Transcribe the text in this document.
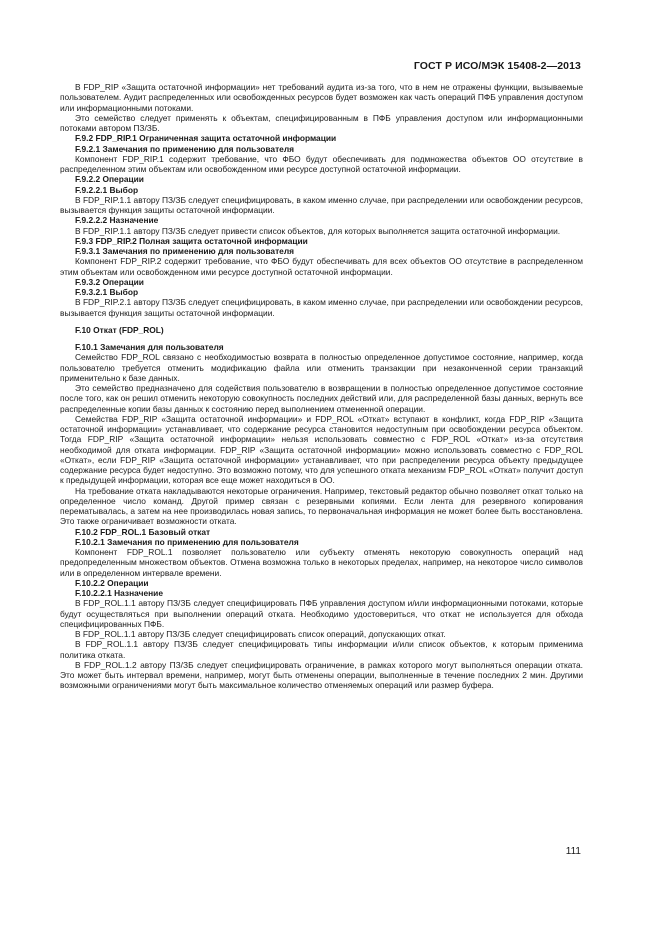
ГОСТ Р ИСО/МЭК 15408-2—2013

В FDP_RIP «Защита остаточной информации» нет требований аудита из-за того, что в нем не отражены функции, вызываемые пользователем. Аудит распределенных или освобожденных ресурсов будет возможен как часть операций ПФБ управления доступом или информационными потоками.

Это семейство следует применять к объектам, специфицированным в ПФБ управления доступом или информационными потоками автором ПЗ/ЗБ.

F.9.2 FDP_RIP.1 Ограниченная защита остаточной информации

F.9.2.1 Замечания по применению для пользователя

Компонент FDP_RIP.1 содержит требование, что ФБО будут обеспечивать для подмножества объектов ОО отсутствие в распределенном этим объектам или освобожденном ими ресурсе доступной остаточной информации.

F.9.2.2 Операции

F.9.2.2.1 Выбор

В FDP_RIP.1.1 автору ПЗ/ЗБ следует специфицировать, в каком именно случае, при распределении или освобождении ресурсов, вызывается функция защиты остаточной информации.

F.9.2.2.2 Назначение

В FDP_RIP.1.1 автору ПЗ/ЗБ следует привести список объектов, для которых выполняется защита остаточной информации.

F.9.3 FDP_RIP.2 Полная защита остаточной информации

F.9.3.1 Замечания по применению для пользователя

Компонент FDP_RIP.2 содержит требование, что ФБО будут обеспечивать для всех объектов ОО отсутствие в распределенном этим объектам или освобожденном ими ресурсе доступной остаточной информации.

F.9.3.2 Операции

F.9.3.2.1 Выбор

В FDP_RIP.2.1 автору ПЗ/ЗБ следует специфицировать, в каком именно случае, при распределении или освобождении ресурсов, вызывается функция защиты остаточной информации.

F.10 Откат (FDP_ROL)

F.10.1 Замечания для пользователя

Семейство FDP_ROL связано с необходимостью возврата в полностью определенное допустимое состояние, например, когда пользователю требуется отменить модификацию файла или отменить транзакции при незаконченной серии транзакций применительно к базе данных.

Это семейство предназначено для содействия пользователю в возвращении в полностью определенное допустимое состояние после того, как он решил отменить некоторую совокупность последних действий или, для распределенной базы данных, вернуть все распределенные копии базы данных к состоянию перед выполнением отмененной операции.

Семейства FDP_RIP «Защита остаточной информации» и FDP_ROL «Откат» вступают в конфликт, когда FDP_RIP «Защита остаточной информации» устанавливает, что содержание ресурса становится недоступным при освобождении ресурса объектом. Тогда FDP_RIP «Защита остаточной информации» нельзя использовать совместно с FDP_ROL «Откат» из-за отсутствия необходимой для отката информации. FDP_RIP «Защита остаточной информации» можно использовать совместно с FDP_ROL «Откат», если FDP_RIP «Защита остаточной информации» устанавливает, что при распределении ресурса объекту предыдущее содержание ресурса будет недоступно. Это возможно потому, что для успешного отката механизм FDP_ROL «Откат» получит доступ к предыдущей информации, которая все еще может находиться в ОО.

На требование отката накладываются некоторые ограничения. Например, текстовый редактор обычно позволяет откат только на определенное число команд. Другой пример связан с резервными копиями. Если лента для резервного копирования перематывалась, а затем на нее производилась новая запись, то первоначальная информация не может более быть восстановлена. Это также ограничивает возможности отката.

F.10.2 FDP_ROL.1 Базовый откат

F.10.2.1 Замечания по применению для пользователя

Компонент FDP_ROL.1 позволяет пользователю или субъекту отменять некоторую совокупность операций над предопределенным множеством объектов. Отмена возможна только в некоторых пределах, например, на некоторое число символов или в определенном интервале времени.

F.10.2.2 Операции

F.10.2.2.1 Назначение

В FDP_ROL.1.1 автору ПЗ/ЗБ следует специфицировать ПФБ управления доступом и/или информационными потоками, которые будут осуществляться при выполнении операций отката. Необходимо удостовериться, что откат не используется для обхода специфицированных ПФБ.

В FDP_ROL.1.1 автору ПЗ/ЗБ следует специфицировать список операций, допускающих откат.

В FDP_ROL.1.1 автору ПЗ/ЗБ следует специфицировать типы информации и/или список объектов, к которым применима политика отката.

В FDP_ROL.1.2 автору ПЗ/ЗБ следует специфицировать ограничение, в рамках которого могут выполняться операции отката. Это может быть интервал времени, например, могут быть отменены операции, выполненные в течение последних 2 мин. Другими возможными ограничениями могут быть максимальное количество отменяемых операций или размер буфера.

111
